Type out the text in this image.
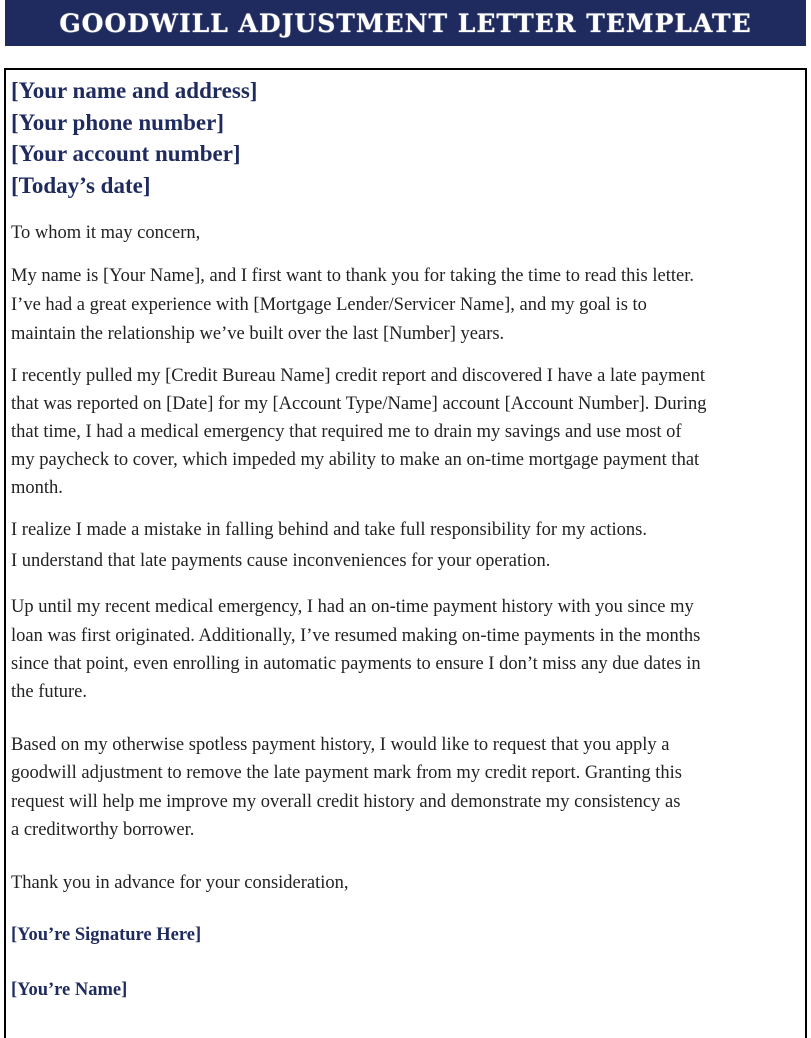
GOODWILL ADJUSTMENT LETTER TEMPLATE
[Your name and address]
[Your phone number]
[Your account number]
[Today’s date]
To whom it may concern,
My name is [Your Name], and I first want to thank you for taking the time to read this letter.
I’ve had a great experience with [Mortgage Lender/Servicer Name], and my goal is to
maintain the relationship we’ve built over the last [Number] years.
I recently pulled my [Credit Bureau Name] credit report and discovered I have a late payment
that was reported on [Date] for my [Account Type/Name] account [Account Number]. During
that time, I had a medical emergency that required me to drain my savings and use most of
my paycheck to cover, which impeded my ability to make an on-time mortgage payment that
month.
I realize I made a mistake in falling behind and take full responsibility for my actions.
I understand that late payments cause inconveniences for your operation.
Up until my recent medical emergency, I had an on-time payment history with you since my
loan was first originated. Additionally, I’ve resumed making on-time payments in the months
since that point, even enrolling in automatic payments to ensure I don’t miss any due dates in
the future.
Based on my otherwise spotless payment history, I would like to request that you apply a
goodwill adjustment to remove the late payment mark from my credit report. Granting this
request will help me improve my overall credit history and demonstrate my consistency as
a creditworthy borrower.
Thank you in advance for your consideration,
[You’re Signature Here]
[You’re Name]
